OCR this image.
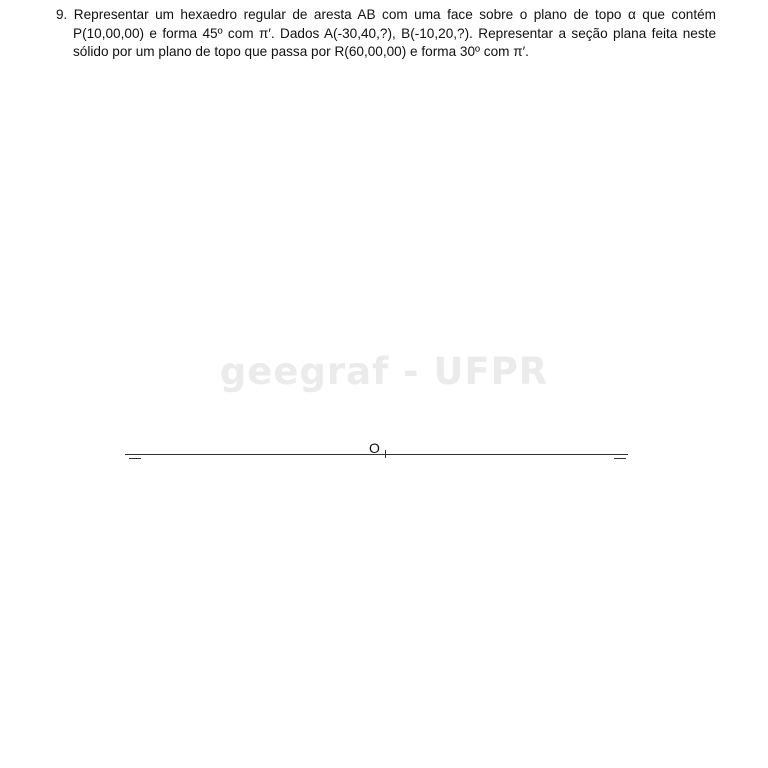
9. Representar um hexaedro regular de aresta AB com uma face sobre o plano de topo α que contém
P(10,00,00) e forma 45º com π′. Dados A(-30,40,?), B(-10,20,?). Representar a seção plana feita neste
sólido por um plano de topo que passa por R(60,00,00) e forma 30º com π′.
geegraf - UFPR
O
